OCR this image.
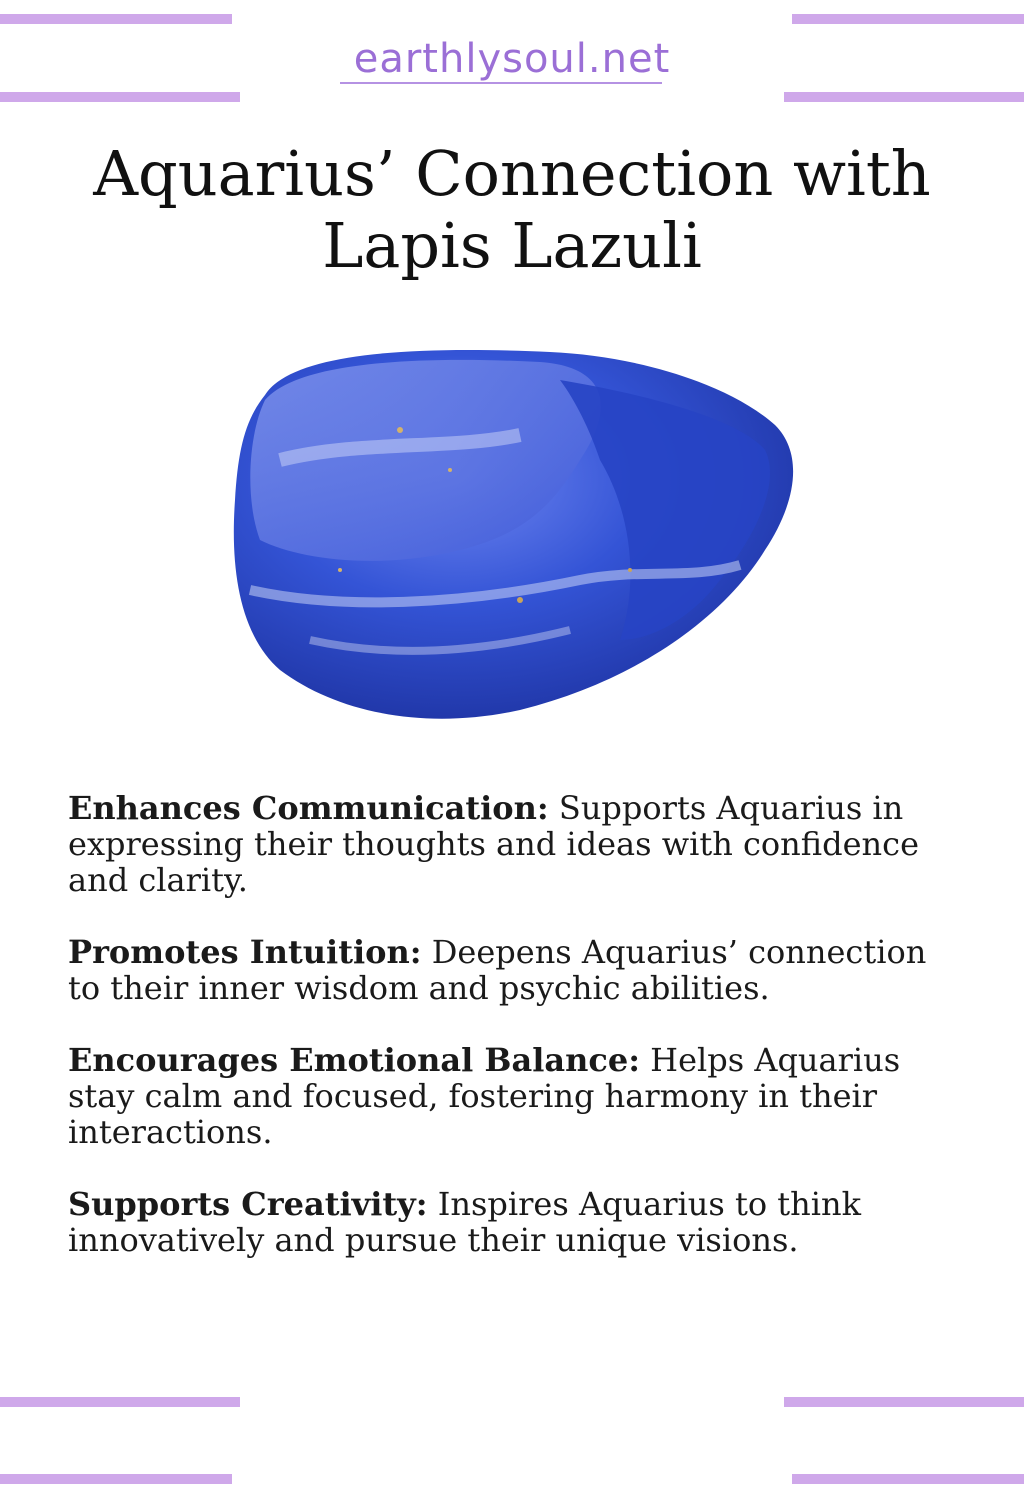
earthlysoul.net
Aquarius’ Connection with
Lapis Lazuli

Enhances Communication: Supports Aquarius in expressing their thoughts and ideas with confidence and clarity.

Promotes Intuition: Deepens Aquarius’ connection to their inner wisdom and psychic abilities.

Encourages Emotional Balance: Helps Aquarius stay calm and focused, fostering harmony in their interactions.

Supports Creativity: Inspires Aquarius to think innovatively and pursue their unique visions.
